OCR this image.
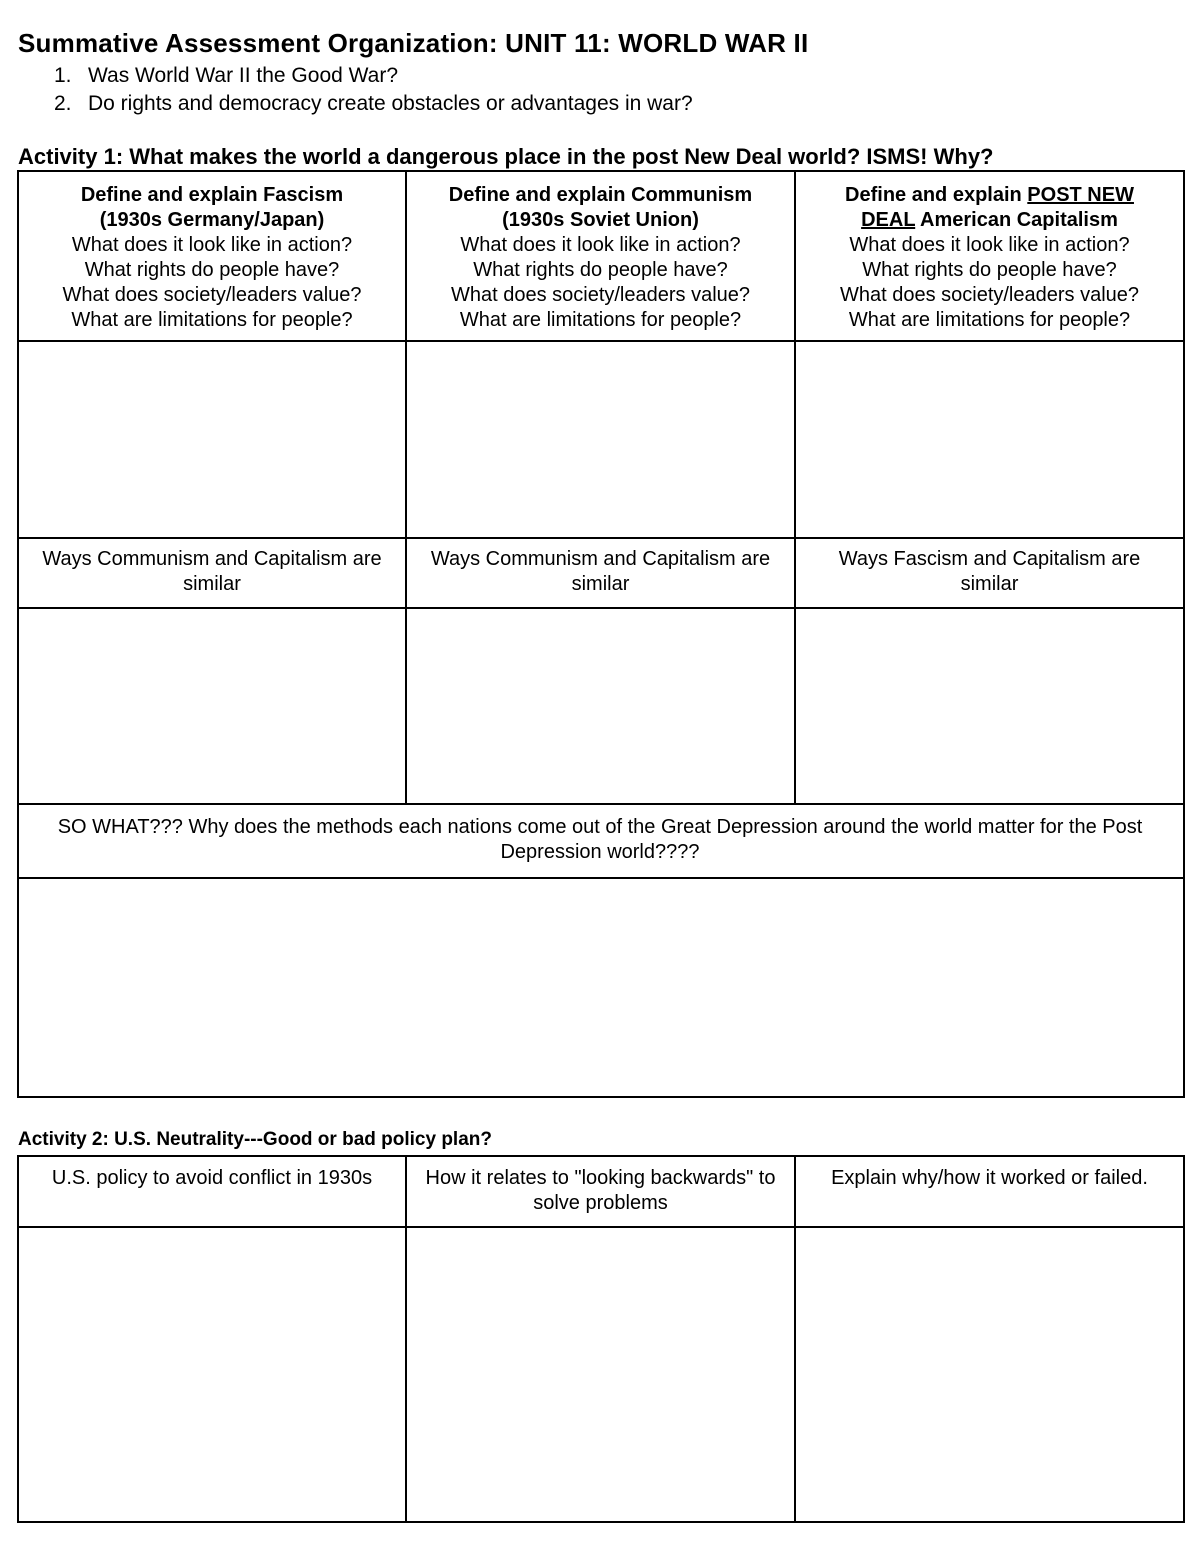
Summative Assessment Organization: UNIT 11: WORLD WAR II
1. Was World War II the Good War?
2. Do rights and democracy create obstacles or advantages in war?
Activity 1: What makes the world a dangerous place in the post New Deal world? ISMS! Why?
Define and explain Fascism
(1930s Germany/Japan)
What does it look like in action?
What rights do people have?
What does society/leaders value?
What are limitations for people?
Define and explain Communism
(1930s Soviet Union)
What does it look like in action?
What rights do people have?
What does society/leaders value?
What are limitations for people?
Define and explain POST NEW
DEAL American Capitalism
What does it look like in action?
What rights do people have?
What does society/leaders value?
What are limitations for people?
Ways Communism and Capitalism are similar
Ways Communism and Capitalism are similar
Ways Fascism and Capitalism are similar
SO WHAT??? Why does the methods each nations come out of the Great Depression around the world matter for the Post Depression world????
Activity 2: U.S. Neutrality---Good or bad policy plan?
U.S. policy to avoid conflict in 1930s	How it relates to "looking backwards" to solve problems
Explain why/how it worked or failed.
